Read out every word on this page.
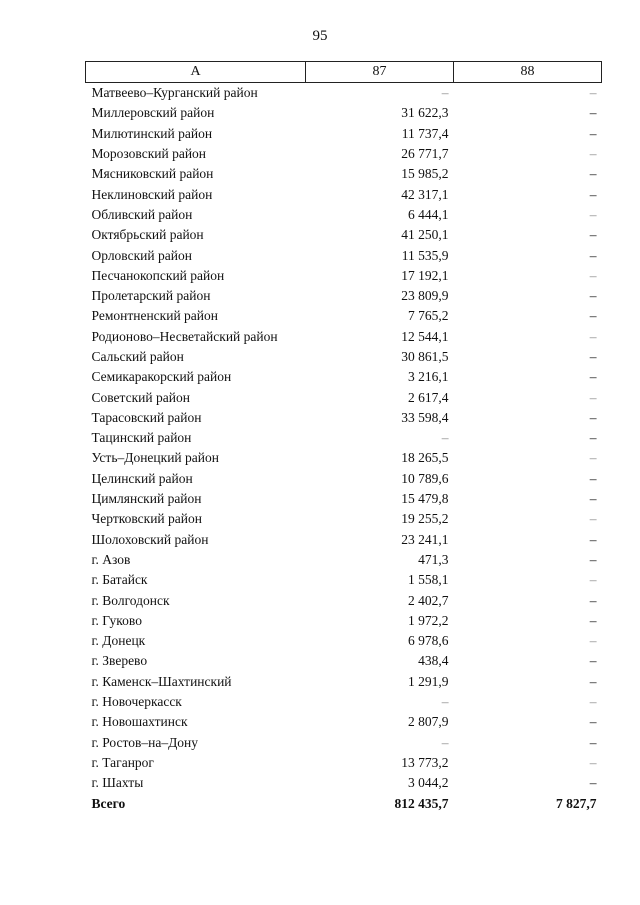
95
А	87	88
Матвеево–Курганский район	–	–
Миллеровский район	31 622,3	–
Милютинский район	11 737,4	–
Морозовский район	26 771,7	–
Мясниковский район	15 985,2	–
Неклиновский район	42 317,1	–
Обливский район	6 444,1	–
Октябрьский район	41 250,1	–
Орловский район	11 535,9	–
Песчанокопский район	17 192,1	–
Пролетарский район	23 809,9	–
Ремонтненский район	7 765,2	–
Родионово–Несветайский район	12 544,1	–
Сальский район	30 861,5	–
Семикаракорский район	3 216,1	–
Советский район	2 617,4	–
Тарасовский район	33 598,4	–
Тацинский район	–	–
Усть–Донецкий район	18 265,5	–
Целинский район	10 789,6	–
Цимлянский район	15 479,8	–
Чертковский район	19 255,2	–
Шолоховский район	23 241,1	–
г. Азов	471,3	–
г. Батайск	1 558,1	–
г. Волгодонск	2 402,7	–
г. Гуково	1 972,2	–
г. Донецк	6 978,6	–
г. Зверево	438,4	–
г. Каменск–Шахтинский	1 291,9	–
г. Новочеркасск	–	–
г. Новошахтинск	2 807,9	–
г. Ростов–на–Дону	–	–
г. Таганрог	13 773,2	–
г. Шахты	3 044,2	–
Всего	812 435,7	7 827,7
